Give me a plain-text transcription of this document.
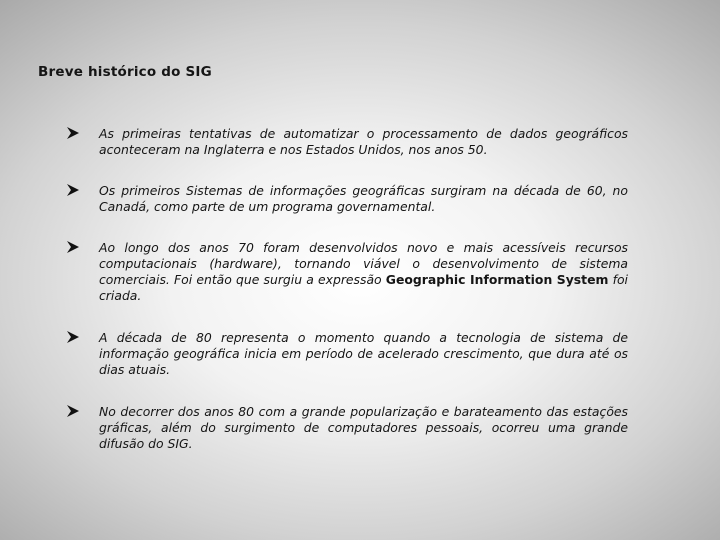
Breve histórico do SIG
As primeiras tentativas de automatizar o processamento de dados geográficos aconteceram na Inglaterra e nos Estados Unidos, nos anos 50.
Os primeiros Sistemas de informações geográficas surgiram na década de 60, no Canadá, como parte de um programa governamental.
Ao longo dos anos 70 foram desenvolvidos novo e mais acessíveis recursos computacionais (hardware), tornando viável o desenvolvimento de sistema comerciais. Foi então que surgiu a expressão Geographic Information System foi criada.
A década de 80 representa o momento quando a tecnologia de sistema de informação geográfica inicia em período de acelerado crescimento, que dura até os dias atuais.
No decorrer dos anos 80 com a grande popularização e barateamento das estações gráficas, além do surgimento de computadores pessoais, ocorreu uma grande difusão do SIG.
